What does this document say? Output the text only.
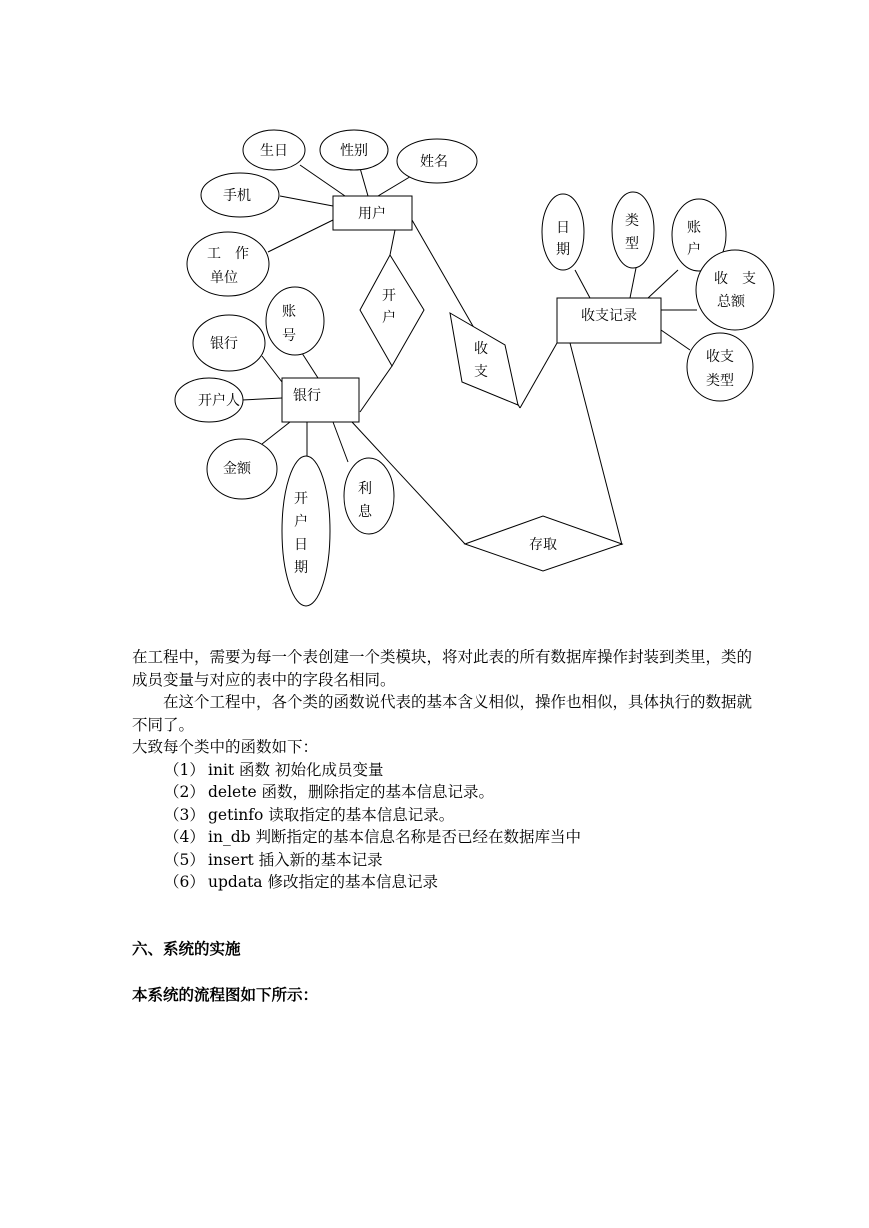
用户
生日	性别
姓名
手机
工　作
单位
开
户
收
支
收支记录
日
期
类
型
账
户
收　支
总额
收支
类型
银行
账
号
银行
开户人
金额
开
户
日
期
利
息
存取

在工程中，需要为每一个表创建一个类模块，将对此表的所有数据库操作封装到类里，类的成员变量与对应的表中的字段名相同。

在这个工程中，各个类的函数说代表的基本含义相似，操作也相似，具体执行的数据就不同了。

大致每个类中的函数如下：

（1） init 函数 初始化成员变量
（2） delete 函数，删除指定的基本信息记录。
（3） getinfo 读取指定的基本信息记录。
（4） in_db 判断指定的基本信息名称是否已经在数据库当中
（5） insert 插入新的基本记录
（6） updata 修改指定的基本信息记录
六、系统的实施
本系统的流程图如下所示：
